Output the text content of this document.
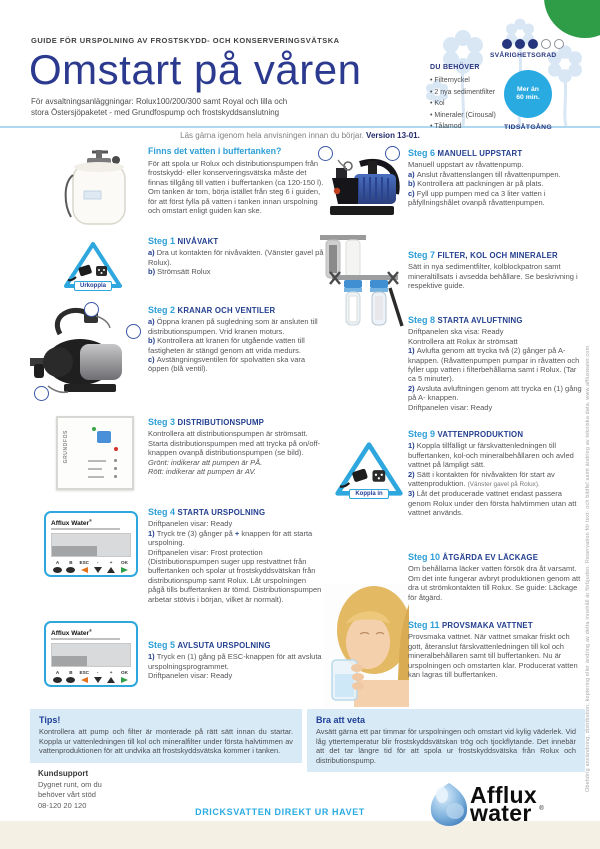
GUIDE FÖR URSPOLNING AV FROSTSKYDD- OCH KONSERVERINGSVÄTSKA
Omstart på våren
För avsaltningsanläggningar: Rolux100/200/300 samt Royal och lilla och
stora Östersjöpaketet - med Grundfospump och frostskyddsanslutning
SVÅRIGHETSGRAD
DU BEHÖVER
• Filternyckel
• 2 nya sedimentfilter
• Kol
• Mineraler (Cirousal)
• Tålamod
Mer än
60 min.
TIDSÅTGÅNG
Läs gärna igenom hela anvisningen innan du börjar. Version 13-01.
Urkoppla
GRUNDFOS
Afflux Water®
A B ESC - + OK
Afflux Water®
A B ESC - + OK
Koppla in
Finns det vatten i buffertanken?
För att spola ur Rolux och distributionspumpen från frostskydd- eller konserveringsvätska måste det finnas tillgång till vatten i buffertanken (ca 120-150 l). Om tanken är tom, börja istället från steg 6 i guiden, för att först fylla på vatten i tanken innan urspolning och omstart enligt guiden kan ske.
Steg 1 NIVÅVAKT
a) Dra ut kontakten för nivåvakten. (Vänster gavel på Rolux).
b) Strömsätt Rolux
Steg 2 KRANAR OCH VENTILER
a) Öppna kranen på sugledning som är ansluten till distributionspumpen. Vrid kranen moturs.
b) Kontrollera att kranen för utgående vatten till fastigheten är stängd genom att vrida medurs.
c) Avstängningsventilen för spolvatten ska vara öppen (blå ventil).
Steg 3 DISTRIBUTIONSPUMP
Kontrollera att distributionspumpen är strömsatt. Starta distributionspumpen med att trycka på on/off-knappen ovanpå distributionspumpen (se bild).
Grönt: indikerar att pumpen är PÅ.
Rött: indikerar att pumpen är AV.
Steg 4 STARTA URSPOLNING
Driftpanelen visar: Ready
1) Tryck tre (3) gånger på + knappen för att starta urspolning.
Driftpanelen visar: Frost protection
(Distributionspumpen suger upp restvattnet från buffertanken och spolar ut frostskyddsvätskan från distributionspump samt Rolux. Låt urspolningen pågå tills buffertanken är tömd. Distributionspumpen arbetar stötvis i början, vilket är normalt).
Steg 5 AVLSUTA URSPOLNING
1) Tryck en (1) gång på ESC-knappen för att avsluta urspolningsprogrammet.
Driftpanelen visar: Ready
Steg 6 MANUELL UPPSTART
Manuell uppstart av råvattenpump.
a) Anslut råvattenslangen till råvattenpumpen.
b) Kontrollera att packningen är på plats.
c) Fyll upp pumpen med ca 3 liter vatten i påfyllningshålet ovanpå råvattenpumpen.
Steg 7 FILTER, KOL OCH MINERALER
Sätt in nya sedimentfilter, kolblockpatron samt mineraltillsats i avsedda behållare. Se beskrivning i respektive guide.
Steg 8 STARTA AVLUFTNING
Driftpanelen ska visa: Ready
Kontrollera att Rolux är strömsatt
1) Avlufta genom att trycka två (2) gånger på A-knappen. (Råvattenpumpen pumpar in råvatten och fyller upp vatten i filterbehållarna samt i Rolux. (Tar ca 5 minuter).
2) Avsluta avluftningen genom att trycka en (1) gång på A- knappen.
Driftpanelen visar: Ready
Steg 9 VATTENPRODUKTION
1) Koppla tillfälligt ur färskvattenledningen till buffertanken, kol-och mineralbehållaren och avled vattnet på lämpligt sätt.
2) Sätt i kontakten för nivåvakten för start av vattenproduktion. (Vänster gavel på Rolux).
3) Låt det producerade vattnet endast passera genom Rolux under den första halvtimmen utan att vattnet används.
Steg 10 ÅTGÄRDA EV LÄCKAGE
Om behållarna läcker vatten försök dra åt varsamt. Om det inte fungerar avbryt produktionen genom att dra ut strömkontakten till Rolux. Se guide: Läckage för åtgärd.
Steg 11 PROVSMAKA VATTNET
Provsmaka vattnet. När vattnet smakar friskt och gott, återanslut färskvattenledningen till kol och mineralbehållaren samt till buffertanken. Nu är urspolningen och omstarten klar. Producerat vatten kan lagras till buffertanken.	Obehörig användning, distribution, kopiering eller ändring av detta innehåll är förbjuden. Reservation för text- och bildfel samt ändring av tekniska data. www.affluxwater.com
Tips!
Kontrollera att pump och filter är monterade på rätt sätt innan du startar. Koppla ur vattenledningen till kol och mineralfilter under första halvtimmen av vattenproduktionen för att undvika att frostskyddsvätska kommer i tanken.
Bra att veta
Avsätt gärna ett par timmar för urspolningen och omstart vid kylig väderlek. Vid låg yttertemperatur blir frostskyddsvätskan trög och tjockflytande. Det innebär att det tar längre tid för att spola ur frostskyddsvätska från Rolux och distributionspump.
Kundsupport
Dygnet runt, om du
behöver vårt stöd
08-120 20 120
DRICKSVATTEN DIREKT UR HAVET
Afflux
water	®
